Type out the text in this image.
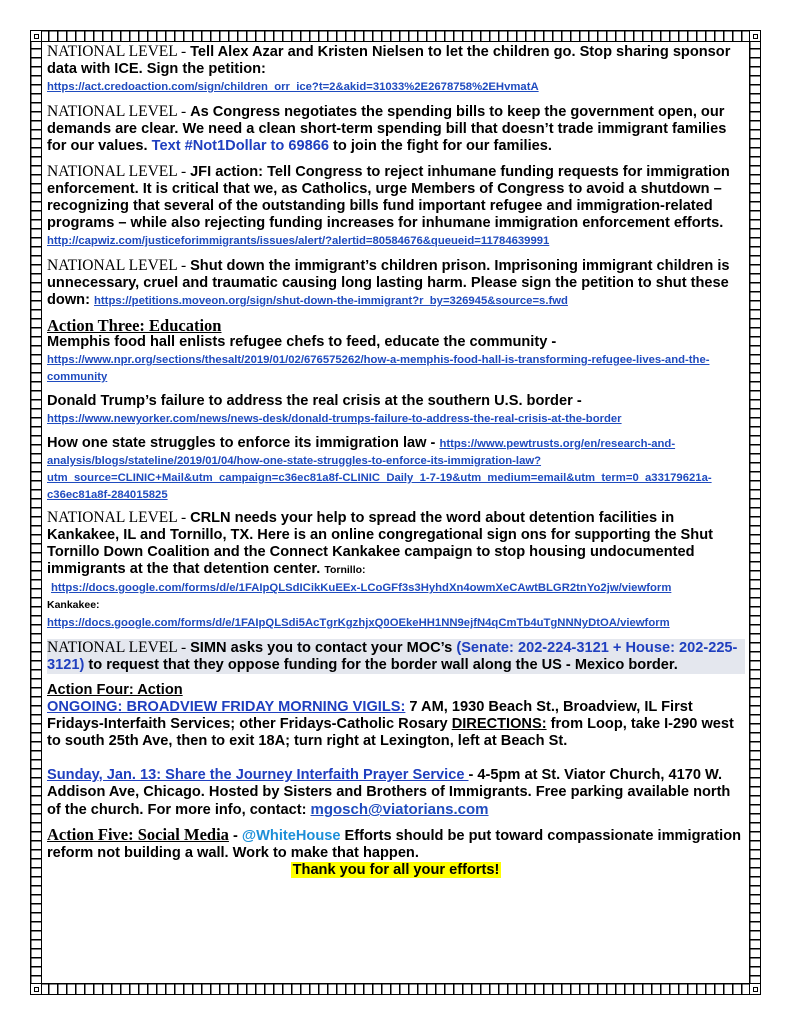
NATIONAL LEVEL - Tell Alex Azar and Kristen Nielsen to let the children go. Stop sharing sponsor data with ICE. Sign the petition:
https://act.credoaction.com/sign/children_orr_ice?t=2&akid=31033%2E2678758%2EHvmatA
NATIONAL LEVEL - As Congress negotiates the spending bills to keep the government open, our demands are clear. We need a clean short-term spending bill that doesn’t trade immigrant families for our values. Text #Not1Dollar to 69866 to join the fight for our families.
NATIONAL LEVEL - JFI action: Tell Congress to reject inhumane funding requests for immigration enforcement. It is critical that we, as Catholics, urge Members of Congress to avoid a shutdown – recognizing that several of the outstanding bills fund important refugee and immigration-related programs – while also rejecting funding increases for inhumane immigration enforcement efforts.
http://capwiz.com/justiceforimmigrants/issues/alert/?alertid=80584676&queueid=11784639991
NATIONAL LEVEL - Shut down the immigrant’s children prison. Imprisoning immigrant children is unnecessary, cruel and traumatic causing long lasting harm. Please sign the petition to shut these down: https://petitions.moveon.org/sign/shut-down-the-immigrant?r_by=326945&source=s.fwd
Action Three: Education
Memphis food hall enlists refugee chefs to feed, educate the community -
https://www.npr.org/sections/thesalt/2019/01/02/676575262/how-a-memphis-food-hall-is-transforming-refugee-lives-and-the-community
Donald Trump’s failure to address the real crisis at the southern U.S. border -
https://www.newyorker.com/news/news-desk/donald-trumps-failure-to-address-the-real-crisis-at-the-border
How one state struggles to enforce its immigration law - https://www.pewtrusts.org/en/research-and-analysis/blogs/stateline/2019/01/04/how-one-state-struggles-to-enforce-its-immigration-law?utm_source=CLINIC+Mail&utm_campaign=c36ec81a8f-CLINIC_Daily_1-7-19&utm_medium=email&utm_term=0_a33179621a-c36ec81a8f-284015825
NATIONAL LEVEL - CRLN needs your help to spread the word about detention facilities in Kankakee, IL and Tornillo, TX. Here is an online congregational sign ons for supporting the Shut Tornillo Down Coalition and the Connect Kankakee campaign to stop housing undocumented immigrants at the that detention center. Tornillo:
https://docs.google.com/forms/d/e/1FAIpQLSdICikKuEEx-LCoGFf3s3HyhdXn4owmXeCAwtBLGR2tnYo2jw/viewform
Kankakee:
https://docs.google.com/forms/d/e/1FAIpQLSdi5AcTgrKgzhjxQ0OEkeHH1NN9ejfN4qCmTb4uTgNNNyDtOA/viewform
NATIONAL LEVEL - SIMN asks you to contact your MOC’s (Senate: 202-224-3121 + House: 202-225-3121) to request that they oppose funding for the border wall along the US - Mexico border.
Action Four: Action
ONGOING: BROADVIEW FRIDAY MORNING VIGILS: 7 AM, 1930 Beach St., Broadview, IL First Fridays-Interfaith Services; other Fridays-Catholic Rosary DIRECTIONS: from Loop, take I-290 west to south 25th Ave, then to exit 18A; turn right at Lexington, left at Beach St.
Sunday, Jan. 13: Share the Journey Interfaith Prayer Service - 4-5pm at St. Viator Church, 4170 W. Addison Ave, Chicago. Hosted by Sisters and Brothers of Immigrants. Free parking available north of the church. For more info, contact: mgosch@viatorians.com
Action Five: Social Media - @WhiteHouse Efforts should be put toward compassionate immigration reform not building a wall. Work to make that happen.
Thank you for all your efforts!
